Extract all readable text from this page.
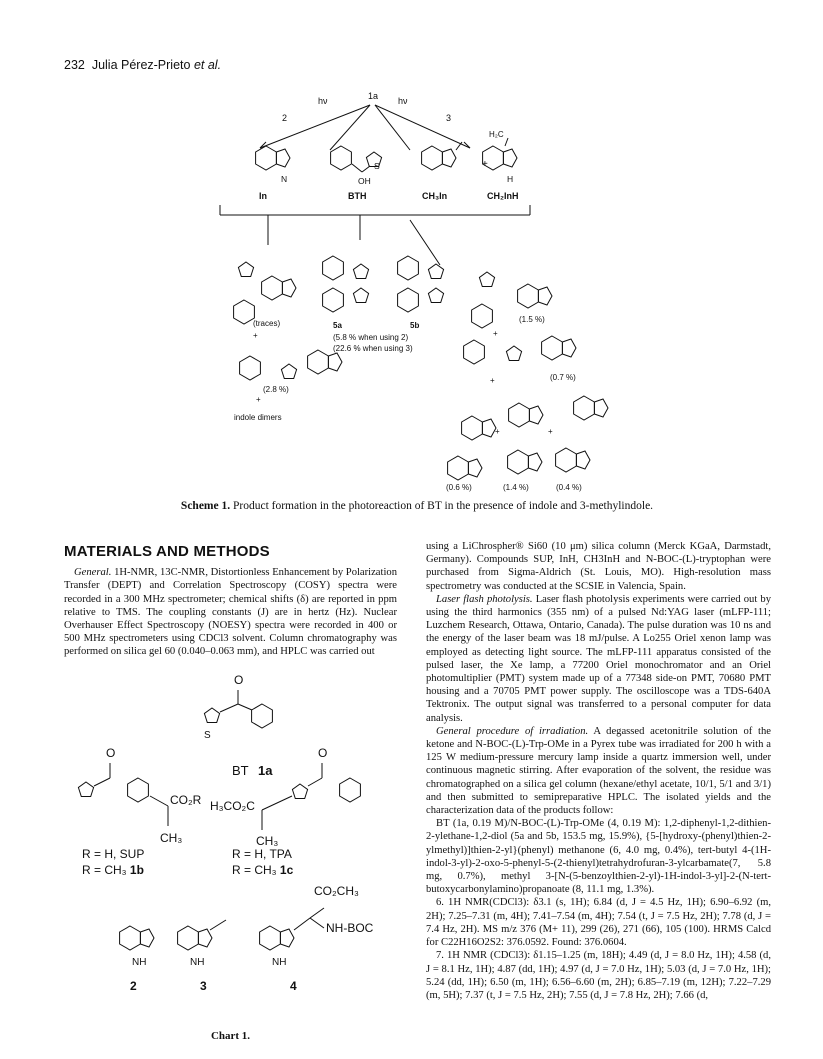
232 Julia Pérez-Prieto et al.
1a
hν	hν
2	3
N	OH
S	+
H₂C
H
In	BTH	CH₃In	CH₂InH
(traces)	5a	5b
(5.8 % when using 2)
(22.6 % when using 3)
(1.5 %)
(2.8 %)
indole dimers
(0.7 %)
(0.6 %)	(1.4 %)	(0.4 %)
+	+
+
+
+	+
S
O
BT 1a
O
CO₂R
CH₃
O
H₃CO₂C
CH₃
R = H, SUP
R = CH₃ 1b
R = H, TPA
R = CH₃ 1c
CO₂CH₃
NH-BOC
NH	NH	NH
2	3	4
Scheme 1. Product formation in the photoreaction of BT in the presence of indole and 3-methylindole.
MATERIALS AND METHODS

General. 1H-NMR, 13C-NMR, Distortionless Enhancement by Polarization Transfer (DEPT) and Correlation Spectroscopy (COSY) spectra were recorded in a 300 MHz spectrometer; chemical shifts (δ) are reported in ppm relative to TMS. The coupling constants (J) are in hertz (Hz). Nuclear Overhauser Effect Spectroscopy (NOESY) spectra were recorded in 400 or 500 MHz spectrometers using CDCl3 solvent. Column chromatography was performed on silica gel 60 (0.040–0.063 mm), and HPLC was carried out

Chart 1.

using a LiChrospher® Si60 (10 μm) silica column (Merck KGaA, Darmstadt, Germany). Compounds SUP, InH, CH3InH and N-BOC-(L)-tryptophan were purchased from Sigma-Aldrich (St. Louis, MO). High-resolution mass spectrometry was conducted at the SCSIE in Valencia, Spain.

Laser flash photolysis. Laser flash photolysis experiments were carried out by using the third harmonics (355 nm) of a pulsed Nd:YAG laser (mLFP-111; Luzchem Research, Ottawa, Ontario, Canada). The pulse duration was 10 ns and the energy of the laser beam was 18 mJ/pulse. A Lo255 Oriel xenon lamp was employed as detecting light source. The mLFP-111 apparatus consisted of the pulsed laser, the Xe lamp, a 77200 Oriel monochromator and an Oriel photomultiplier (PMT) system made up of a 77348 side-on PMT, 70680 PMT housing and a 70705 PMT power supply. The oscilloscope was a TDS-640A Tektronix. The output signal was transferred to a personal computer for data analysis.

General procedure of irradiation. A degassed acetonitrile solution of the ketone and N-BOC-(L)-Trp-OMe in a Pyrex tube was irradiated for 200 h with a 125 W medium-pressure mercury lamp inside a quartz immersion well, under continuous magnetic stirring. After evaporation of the solvent, the residue was chromatographed on a silica gel column (hexane/ethyl acetate, 10/1, 5/1 and 3/1) and then submitted to semipreparative HPLC. The isolated yields and the characterization data of the products follow:

BT (1a, 0.19 M)/N-BOC-(L)-Trp-OMe (4, 0.19 M): 1,2-diphenyl-1,2-dithien-2-ylethane-1,2-diol (5a and 5b, 153.5 mg, 15.9%), {5-[hydroxy-(phenyl)thien-2-ylmethyl)]thien-2-yl}(phenyl) methanone (6, 4.0 mg, 0.4%), tert-butyl 4-(1H-indol-3-yl)-2-oxo-5-phenyl-5-(2-thienyl)tetrahydrofuran-3-ylcarbamate(7, 5.8 mg, 0.7%), methyl 3-[N-(5-benzoylthien-2-yl)-1H-indol-3-yl]-2-(N-tert-butoxycarbonylamino)propanoate (8, 11.1 mg, 1.3%).

6. 1H NMR(CDCl3): δ3.1 (s, 1H); 6.84 (d, J = 4.5 Hz, 1H); 6.90–6.92 (m, 2H); 7.25–7.31 (m, 4H); 7.41–7.54 (m, 4H); 7.54 (t, J = 7.5 Hz, 2H); 7.78 (d, J = 7.4 Hz, 2H). MS m/z 376 (M+ 11), 299 (26), 271 (66), 105 (100). HRMS Calcd for C22H16O2S2: 376.0592. Found: 376.0604.

7. 1H NMR (CDCl3): δ1.15–1.25 (m, 18H); 4.49 (d, J = 8.0 Hz, 1H); 4.58 (d, J = 8.1 Hz, 1H); 4.87 (dd, 1H); 4.97 (d, J = 7.0 Hz, 1H); 5.03 (d, J = 7.0 Hz, 1H); 5.24 (dd, 1H); 6.50 (m, 1H); 6.56–6.60 (m, 2H); 6.85–7.19 (m, 12H); 7.22–7.29 (m, 5H); 7.37 (t, J = 7.5 Hz, 2H); 7.55 (d, J = 7.8 Hz, 2H); 7.66 (d,
